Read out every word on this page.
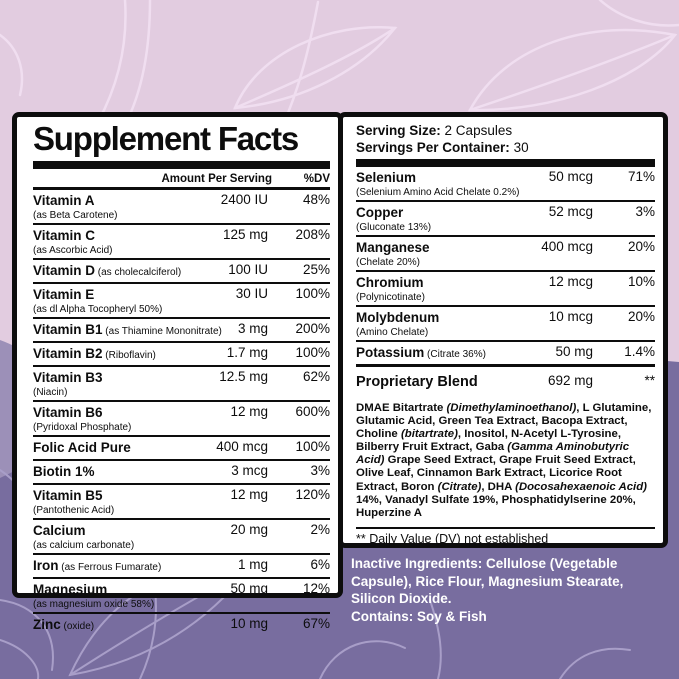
Supplement Facts
Amount Per Serving	%DV
Vitamin A
(as Beta Carotene)
2400 IU	48%
Vitamin C
(as Ascorbic Acid)
125 mg	208%
Vitamin D (as cholecalciferol)	100 IU	25%
Vitamin E
(as dl Alpha Tocopheryl 50%)
30 IU	100%
Vitamin B1 (as Thiamine Mononitrate)	3 mg	200%
Vitamin B2 (Riboflavin)	1.7 mg	100%
Vitamin B3
(Niacin)
12.5 mg	62%
Vitamin B6
(Pyridoxal Phosphate)
12 mg	600%
Folic Acid Pure	400 mcg	100%
Biotin 1%	3 mcg	3%
Vitamin B5
(Pantothenic Acid)
12 mg	120%
Calcium
(as calcium carbonate)
20 mg	2%
Iron (as Ferrous Fumarate)	1 mg	6%
Magnesium
(as magnesium oxide 58%)
50 mg	12%
Zinc (oxide)	10 mg	67%
Serving Size: 2 Capsules
Servings Per Container: 30
Selenium
(Selenium Amino Acid Chelate 0.2%)
50 mcg	71%
Copper
(Gluconate 13%)
52 mcg	3%
Manganese
(Chelate 20%)
400 mcg	20%
Chromium
(Polynicotinate)
12 mcg	10%
Molybdenum
(Amino Chelate)
10 mcg	20%
Potassium (Citrate 36%)	50 mg	1.4%
Proprietary Blend	692 mg	**
DMAE Bitartrate (Dimethylaminoethanol), L Glutamine, Glutamic Acid, Green Tea Extract, Bacopa Extract, Choline (bitartrate), Inositol, N-Acetyl L-Tyrosine, Bilberry Fruit Extract, Gaba (Gamma Aminobutyric Acid) Grape Seed Extract, Grape Fruit Seed Extract, Olive Leaf, Cinnamon Bark Extract, Licorice Root Extract, Boron (Citrate), DHA (Docosahexaenoic Acid) 14%, Vanadyl Sulfate 19%, Phosphatidylserine 20%, Huperzine A
** Daily Value (DV) not established
Inactive Ingredients: Cellulose (Vegetable Capsule), Rice Flour, Magnesium Stearate, Silicon Dioxide.
Contains: Soy & Fish
